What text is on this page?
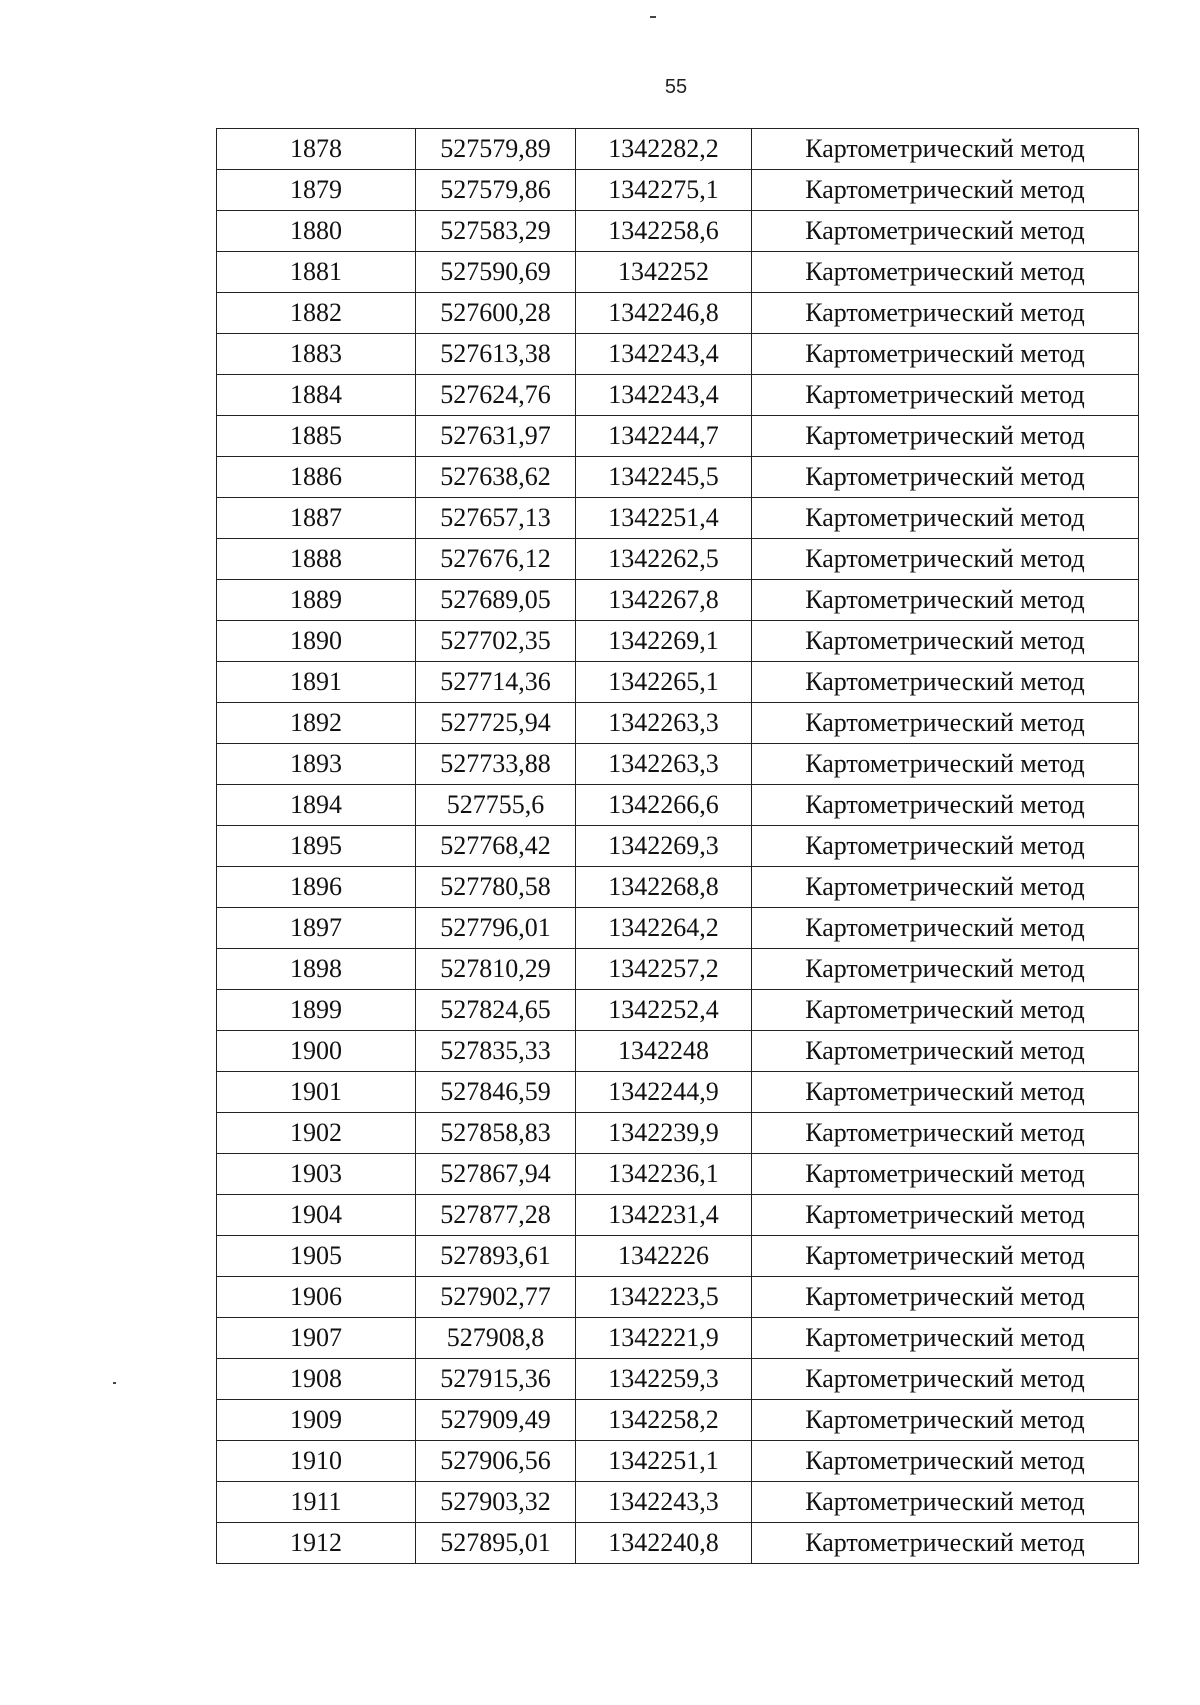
55
1878	527579,89	1342282,2	Картометрический метод
1879	527579,86	1342275,1	Картометрический метод
1880	527583,29	1342258,6	Картометрический метод
1881	527590,69	1342252	Картометрический метод
1882	527600,28	1342246,8	Картометрический метод
1883	527613,38	1342243,4	Картометрический метод
1884	527624,76	1342243,4	Картометрический метод
1885	527631,97	1342244,7	Картометрический метод
1886	527638,62	1342245,5	Картометрический метод
1887	527657,13	1342251,4	Картометрический метод
1888	527676,12	1342262,5	Картометрический метод
1889	527689,05	1342267,8	Картометрический метод
1890	527702,35	1342269,1	Картометрический метод
1891	527714,36	1342265,1	Картометрический метод
1892	527725,94	1342263,3	Картометрический метод
1893	527733,88	1342263,3	Картометрический метод
1894	527755,6	1342266,6	Картометрический метод
1895	527768,42	1342269,3	Картометрический метод
1896	527780,58	1342268,8	Картометрический метод
1897	527796,01	1342264,2	Картометрический метод
1898	527810,29	1342257,2	Картометрический метод
1899	527824,65	1342252,4	Картометрический метод
1900	527835,33	1342248	Картометрический метод
1901	527846,59	1342244,9	Картометрический метод
1902	527858,83	1342239,9	Картометрический метод
1903	527867,94	1342236,1	Картометрический метод
1904	527877,28	1342231,4	Картометрический метод
1905	527893,61	1342226	Картометрический метод
1906	527902,77	1342223,5	Картометрический метод
1907	527908,8	1342221,9	Картометрический метод
1908	527915,36	1342259,3	Картометрический метод
1909	527909,49	1342258,2	Картометрический метод
1910	527906,56	1342251,1	Картометрический метод
1911	527903,32	1342243,3	Картометрический метод
1912	527895,01	1342240,8	Картометрический метод
